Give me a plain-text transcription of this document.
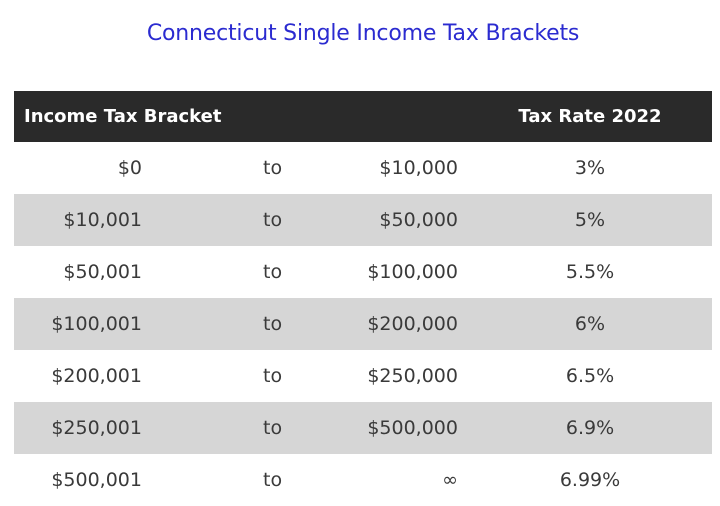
Connecticut Single Income Tax Brackets
Income Tax Bracket	Tax Rate 2022
$0	to	$10,000	3%
$10,001	to	$50,000	5%
$50,001	to	$100,000	5.5%
$100,001	to	$200,000	6%
$200,001	to	$250,000	6.5%
$250,001	to	$500,000	6.9%
$500,001	to	∞	6.99%
